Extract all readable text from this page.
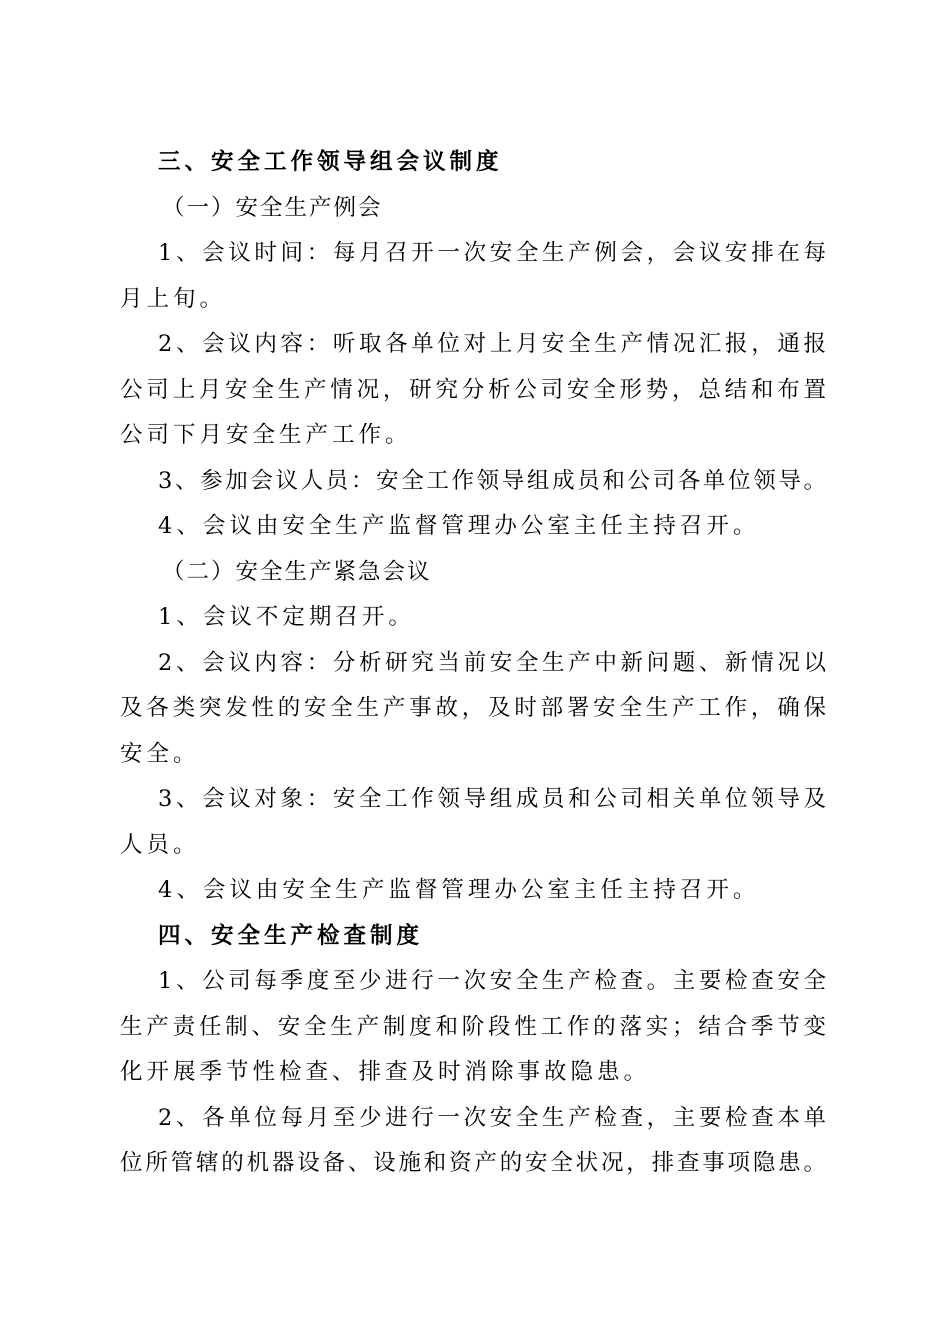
三、安全工作领导组会议制度
（一）安全生产例会
1、会议时间：每月召开一次安全生产例会，会议安排在每
月上旬。
2、会议内容：听取各单位对上月安全生产情况汇报，通报
公司上月安全生产情况，研究分析公司安全形势，总结和布置
公司下月安全生产工作。
3、参加会议人员：安全工作领导组成员和公司各单位领导。
4、会议由安全生产监督管理办公室主任主持召开。
（二）安全生产紧急会议
1、会议不定期召开。
2、会议内容：分析研究当前安全生产中新问题、新情况以
及各类突发性的安全生产事故，及时部署安全生产工作，确保
安全。
3、会议对象：安全工作领导组成员和公司相关单位领导及
人员。
4、会议由安全生产监督管理办公室主任主持召开。
四、安全生产检查制度
1、公司每季度至少进行一次安全生产检查。主要检查安全
生产责任制、安全生产制度和阶段性工作的落实；结合季节变
化开展季节性检查、排查及时消除事故隐患。
2、各单位每月至少进行一次安全生产检查，主要检查本单
位所管辖的机器设备、设施和资产的安全状况，排查事项隐患。
